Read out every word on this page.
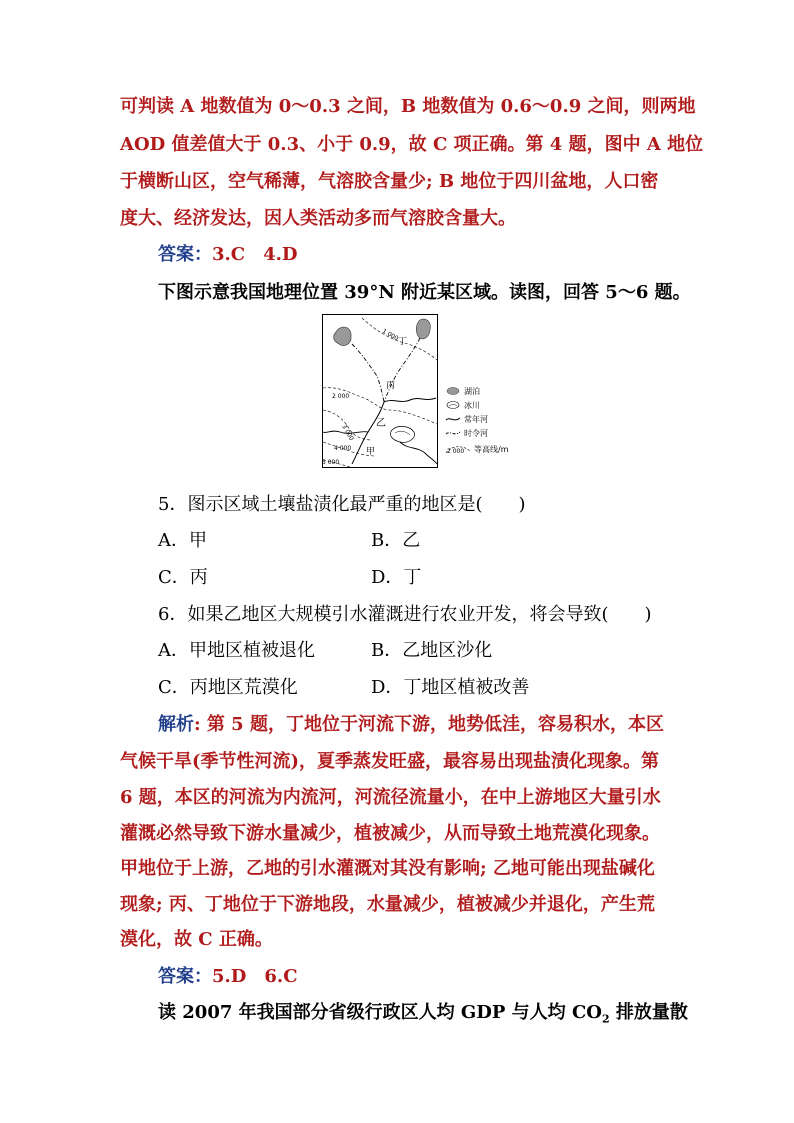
可判读 A 地数值为 0～0.3 之间，B 地数值为 0.6～0.9 之间，则两地
AOD 值差值大于 0.3、小于 0.9，故 C 项正确。第 4 题，图中 A 地位
于横断山区，空气稀薄，气溶胶含量少; B 地位于四川盆地，人口密
度大、经济发达，因人类活动多而气溶胶含量大。
答案：3.C　4.D
下图示意我国地理位置 39°N 附近某区域。读图，回答 5～6 题。
丁
丙
乙
甲
1 000
2 000
3 000
4 000
5 000
湖泊
冰川
常年河
时令河
2 000 等高线/m
5．图示区域土壤盐渍化最严重的地区是(　　)
A．甲	B．乙
C．丙	D．丁
6．如果乙地区大规模引水灌溉进行农业开发，将会导致(　　)
A．甲地区植被退化	B．乙地区沙化
C．丙地区荒漠化	D．丁地区植被改善
解析: 第 5 题，丁地位于河流下游，地势低洼，容易积水，本区
气候干旱(季节性河流)，夏季蒸发旺盛，最容易出现盐渍化现象。第
6 题，本区的河流为内流河，河流径流量小，在中上游地区大量引水
灌溉必然导致下游水量减少，植被减少，从而导致土地荒漠化现象。
甲地位于上游，乙地的引水灌溉对其没有影响; 乙地可能出现盐碱化
现象; 丙、丁地位于下游地段，水量减少，植被减少并退化，产生荒
漠化，故 C 正确。
答案：5.D　6.C
读 2007 年我国部分省级行政区人均 GDP 与人均 $CO_2$ 排放量散
